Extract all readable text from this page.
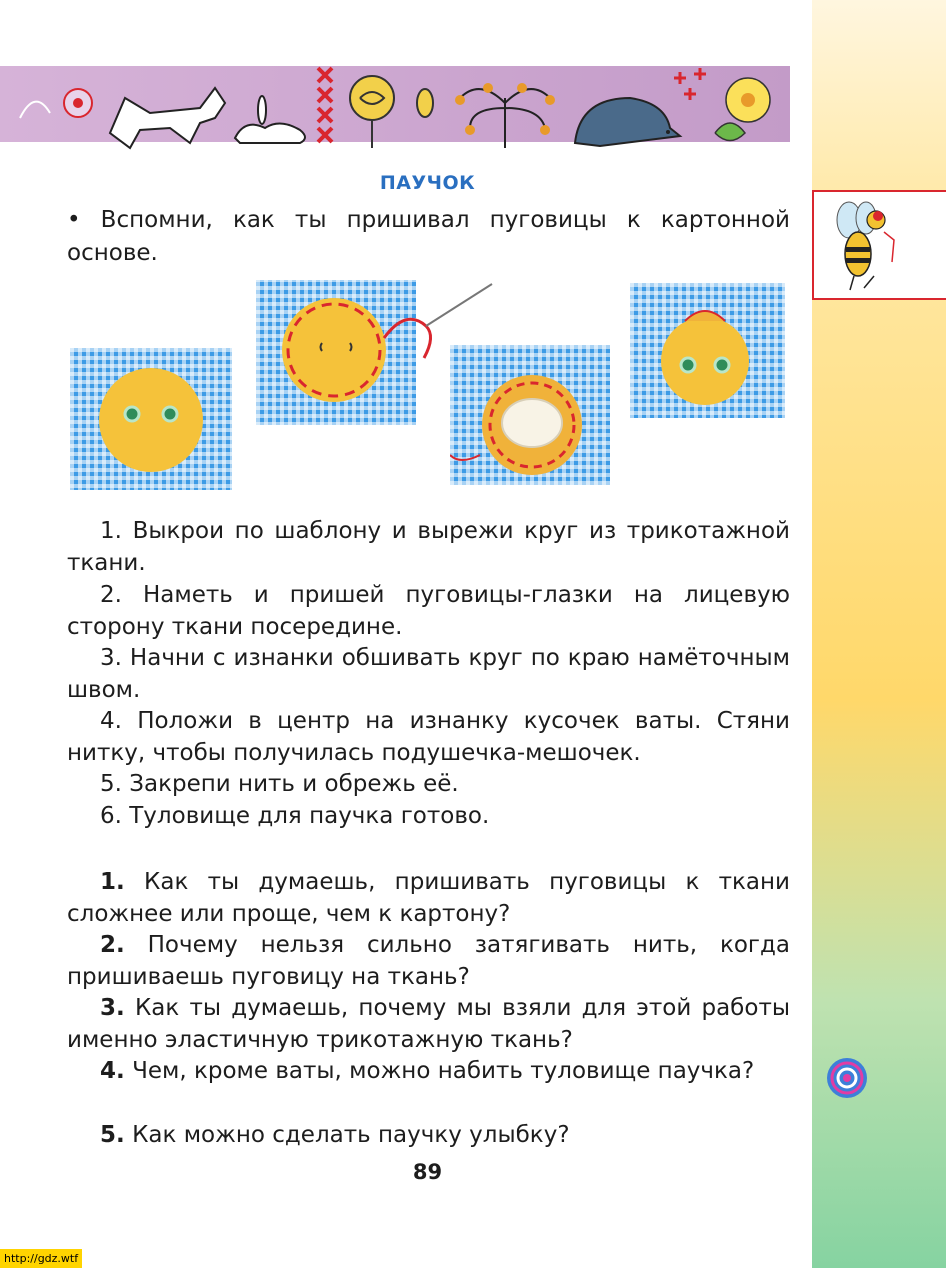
ПАУЧОК
• Вспомни, как ты пришивал пуговицы к картонной основе.
1. Выкрои по шаблону и вырежи круг из трикотажной ткани.
2. Наметь и пришей пуговицы-глазки на лицевую сторону ткани посередине.
3. Начни с изнанки обшивать круг по краю намёточным швом.
4. Положи в центр на изнанку кусочек ваты. Стяни нитку, чтобы получилась подушечка-мешочек.
5. Закрепи нить и обрежь её.
6. Туловище для паучка готово.
1. Как ты думаешь, пришивать пуговицы к ткани сложнее или проще, чем к картону?
2. Почему нельзя сильно затягивать нить, когда пришиваешь пуговицу на ткань?
3. Как ты думаешь, почему мы взяли для этой работы именно эластичную трикотажную ткань?
4. Чем, кроме ваты, можно набить туловище паучка?
5. Как можно сделать паучку улыбку?
89
http://gdz.wtf
